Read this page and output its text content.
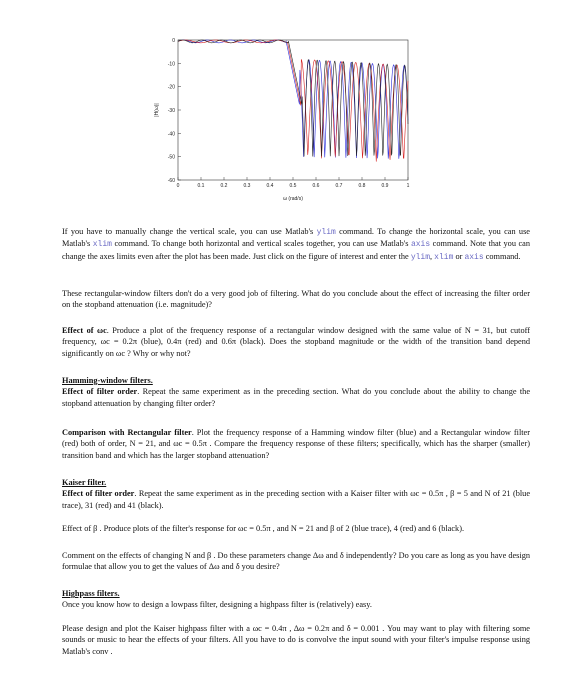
0
-10
-20
-30
-40
-50
-60
0	0.1	0.2	0.3	0.4	0.5	0.6	0.7	0.8	0.9	1
ω (rad/s)
|H(ω)|

If you have to manually change the vertical scale, you can use Matlab's ylim command. To change the horizontal scale, you can use Matlab's xlim command. To change both horizontal and vertical scales together, you can use Matlab's axis command. Note that you can change the axes limits even after the plot has been made. Just click on the figure of interest and enter the ylim, xlim or axis command.

These rectangular-window filters don't do a very good job of filtering. What do you conclude about the effect of increasing the filter order on the stopband attenuation (i.e. magnitude)?

Effect of ωc. Produce a plot of the frequency response of a rectangular window designed with the same value of N = 31, but cutoff frequency, ωc = 0.2π (blue), 0.4π (red) and 0.6π (black). Does the stopband magnitude or the width of the transition band depend significantly on ωc ? Why or why not?

Hamming-window filters.
Effect of filter order. Repeat the same experiment as in the preceding section. What do you conclude about the ability to change the stopband attenuation by changing filter order?

Comparison with Rectangular filter. Plot the frequency response of a Hamming window filter (blue) and a Rectangular window filter (red) both of order, N = 21, and ωc = 0.5π . Compare the frequency response of these filters; specifically, which has the sharper (smaller) transition band and which has the larger stopband attenuation?

Kaiser filter.
Effect of filter order. Repeat the same experiment as in the preceding section with a Kaiser filter with ωc = 0.5π , β = 5 and N of 21 (blue trace), 31 (red) and 41 (black).

Effect of β . Produce plots of the filter's response for ωc = 0.5π , and N = 21 and β of 2 (blue trace), 4 (red) and 6 (black).

Comment on the effects of changing N and β . Do these parameters change Δω and δ independently? Do you care as long as you have design formulae that allow you to get the values of Δω and δ you desire?

Highpass filters.
Once you know how to design a lowpass filter, designing a highpass filter is (relatively) easy.

Please design and plot the Kaiser highpass filter with a ωc = 0.4π , Δω = 0.2π and δ = 0.001 . You may want to play with filtering some sounds or music to hear the effects of your filters. All you have to do is convolve the input sound with your filter's impulse response using Matlab's conv .
